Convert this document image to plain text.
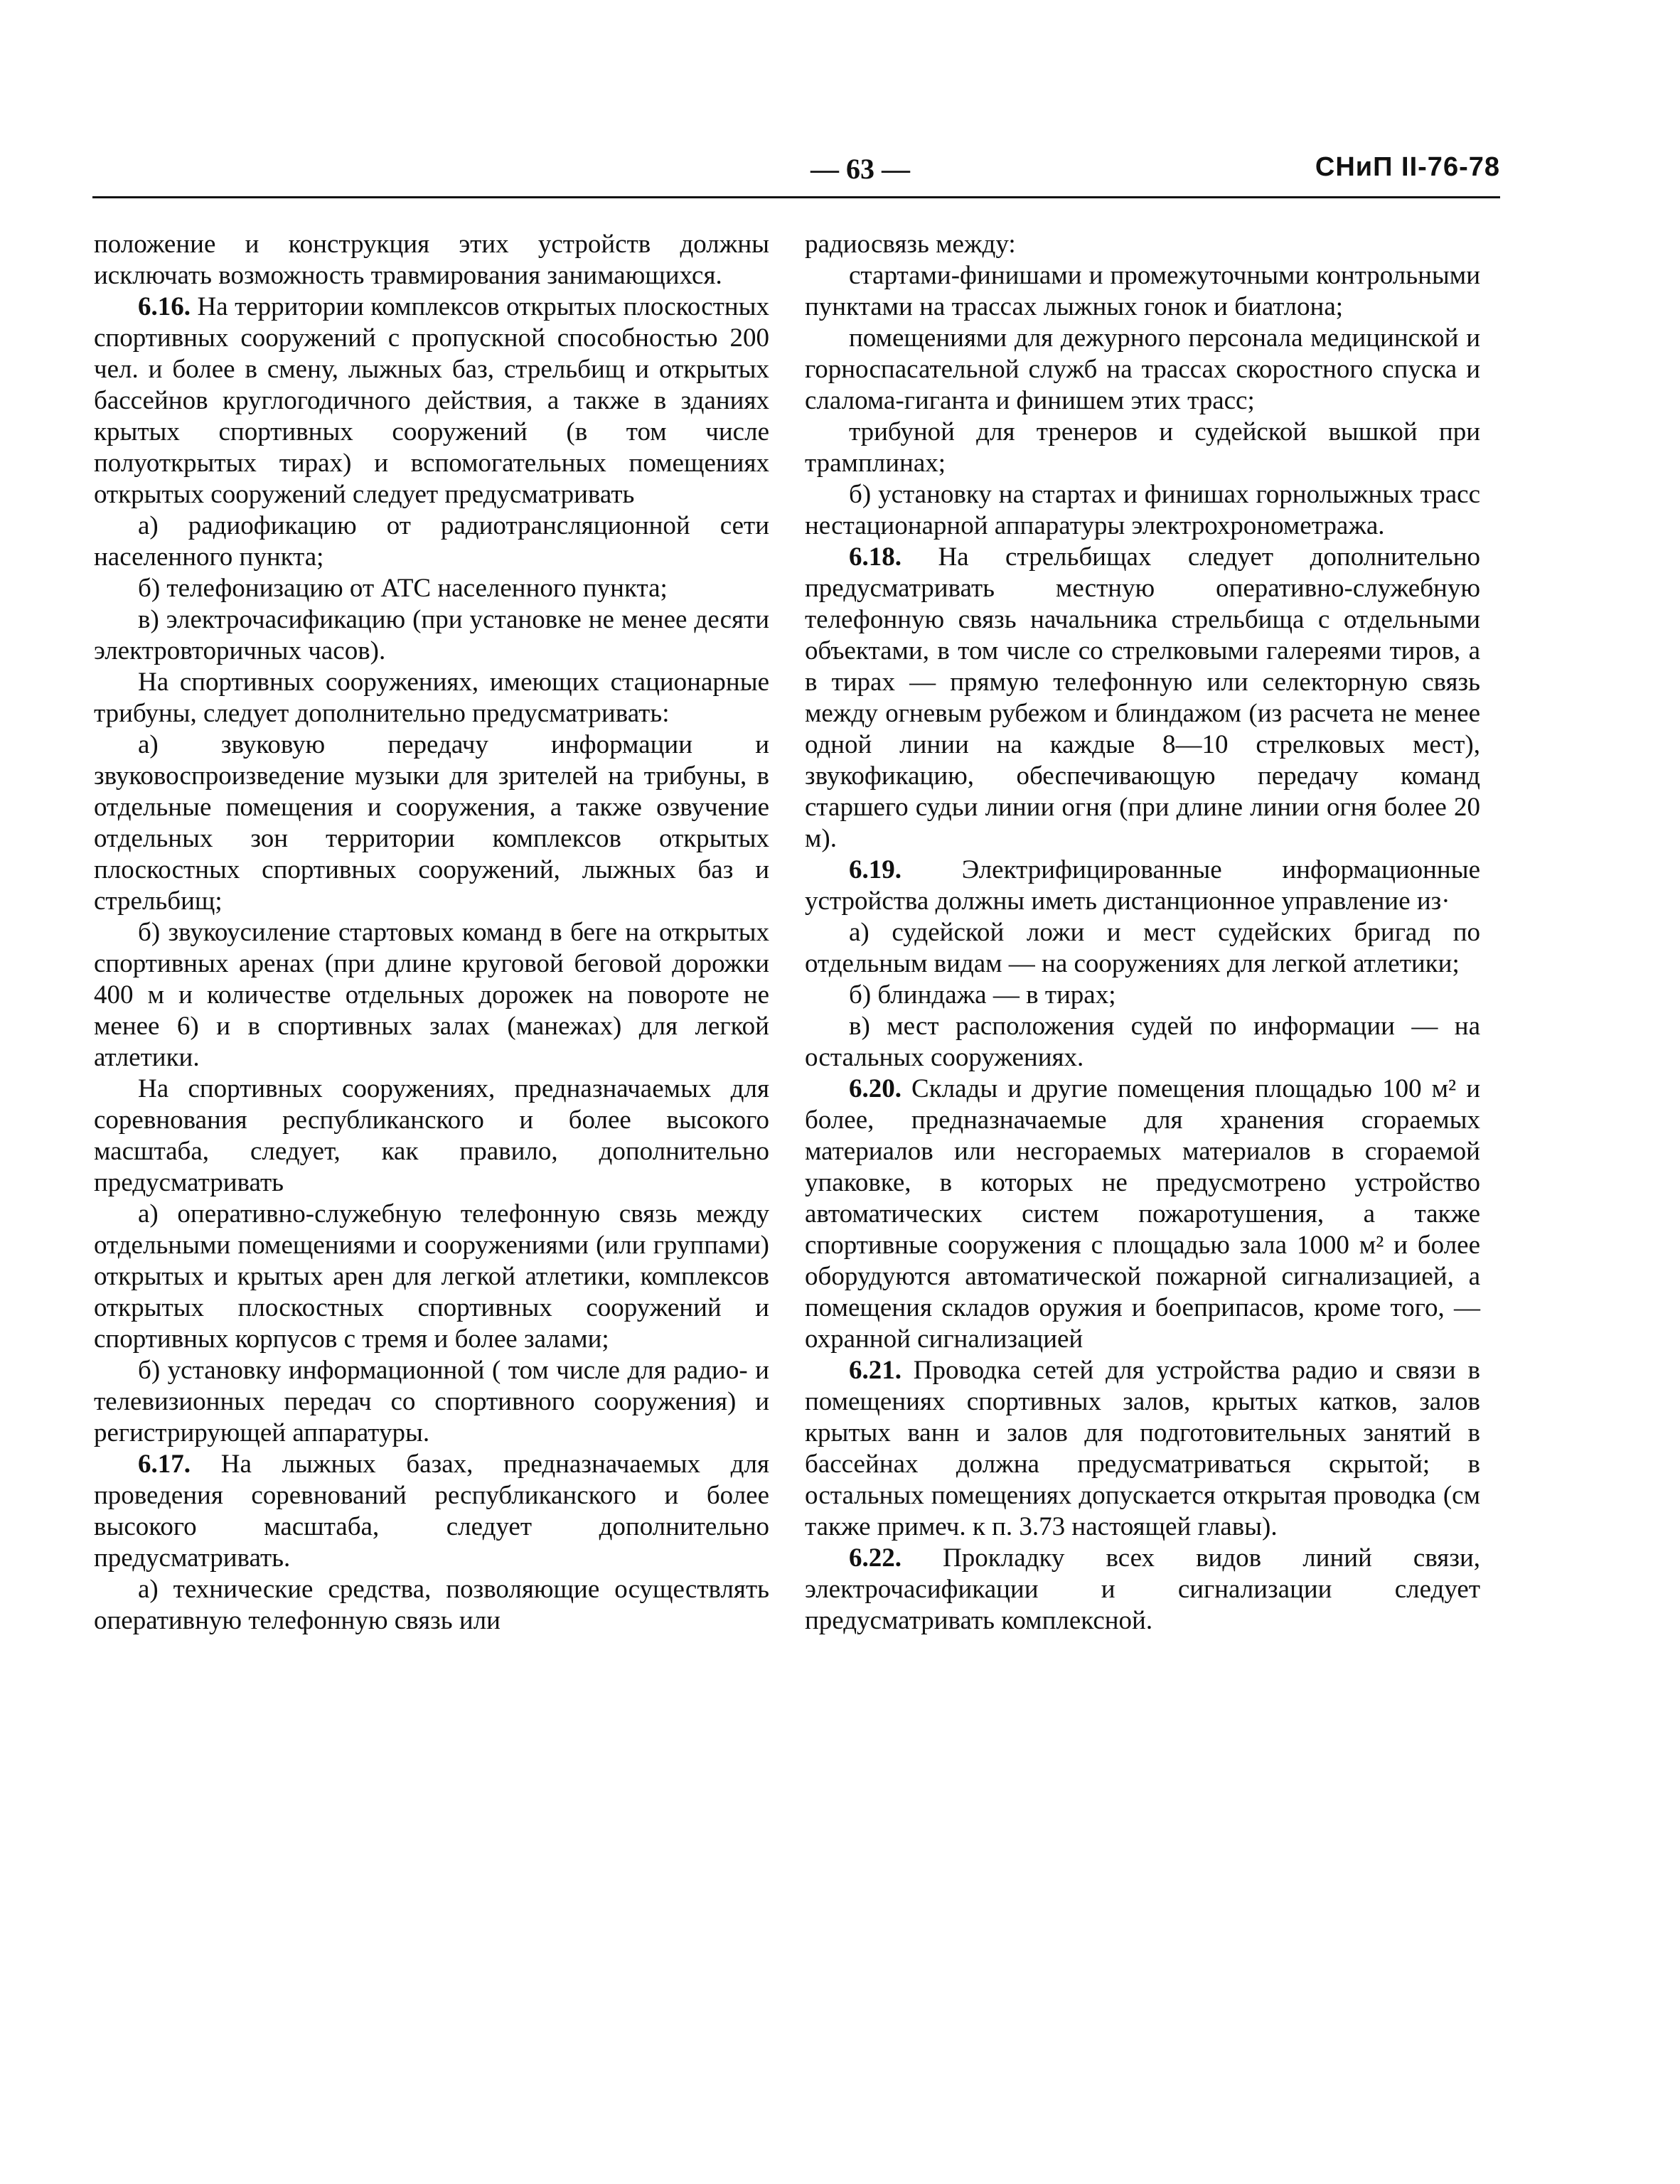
— 63 —	СНиП II-76-78

положение и конструкция этих устройств должны исключать возможность травмирования занимающихся.

6.16. На территории комплексов открытых плоскостных спортивных сооружений с пропускной способностью 200 чел. и более в смену, лыжных баз, стрельбищ и открытых бассейнов круглогодичного действия, а также в зданиях крытых спортивных сооружений (в том числе полуоткрытых тирах) и вспомогательных помещениях открытых сооружений следует предусматривать

а) радиофикацию от радиотрансляционной сети населенного пункта;

б) телефонизацию от АТС населенного пункта;

в) электрочасификацию (при установке не менее десяти электровторичных часов).

На спортивных сооружениях, имеющих стационарные трибуны, следует дополнительно предусматривать:

а) звуковую передачу информации и звуковоспроизведение музыки для зрителей на трибуны, в отдельные помещения и сооружения, а также озвучение отдельных зон территории комплексов открытых плоскостных спортивных сооружений, лыжных баз и стрельбищ;

б) звукоусиление стартовых команд в беге на открытых спортивных аренах (при длине круговой беговой дорожки 400 м и количестве отдельных дорожек на повороте не менее 6) и в спортивных залах (манежах) для легкой атлетики.

На спортивных сооружениях, предназначаемых для соревнования республиканского и более высокого масштаба, следует, как правило, дополнительно предусматривать

а) оперативно-служебную телефонную связь между отдельными помещениями и сооружениями (или группами) открытых и крытых арен для легкой атлетики, комплексов открытых плоскостных спортивных сооружений и спортивных корпусов с тремя и более залами;

б) установку информационной ( том числе для радио- и телевизионных передач со спортивного сооружения) и регистрирующей аппаратуры.

6.17. На лыжных базах, предназначаемых для проведения соревнований республиканского и более высокого масштаба, следует дополнительно предусматривать.

а) технические средства, позволяющие осуществлять оперативную телефонную связь или

радиосвязь между:

стартами-финишами и промежуточными контрольными пунктами на трассах лыжных гонок и биатлона;

помещениями для дежурного персонала медицинской и горноспасательной служб на трассах скоростного спуска и слалома-гиганта и финишем этих трасс;

трибуной для тренеров и судейской вышкой при трамплинах;

б) установку на стартах и финишах горнолыжных трасс нестационарной аппаратуры электрохронометража.

6.18. На стрельбищах следует дополнительно предусматривать местную оперативно-служебную телефонную связь начальника стрельбища с отдельными объектами, в том числе со стрелковыми галереями тиров, а в тирах — прямую телефонную или селекторную связь между огневым рубежом и блиндажом (из расчета не менее одной линии на каждые 8—10 стрелковых мест), звукофикацию, обеспечивающую передачу команд старшего судьи линии огня (при длине линии огня более 20 м).

6.19. Электрифицированные информационные устройства должны иметь дистанционное управление из·

а) судейской ложи и мест судейских бригад по отдельным видам — на сооружениях для легкой атлетики;

б) блиндажа — в тирах;

в) мест расположения судей по информации — на остальных сооружениях.

6.20. Склады и другие помещения площадью 100 м² и более, предназначаемые для хранения сгораемых материалов или несгораемых материалов в сгораемой упаковке, в которых не предусмотрено устройство автоматических систем пожаротушения, а также спортивные сооружения с площадью зала 1000 м² и более оборудуются автоматической пожарной сигнализацией, а помещения складов оружия и боеприпасов, кроме того, — охранной сигнализацией

6.21. Проводка сетей для устройства радио и связи в помещениях спортивных залов, крытых катков, залов крытых ванн и залов для подготовительных занятий в бассейнах должна предусматриваться скрытой; в остальных помещениях допускается открытая проводка (см также примеч. к п. 3.73 настоящей главы).

6.22. Прокладку всех видов линий связи, электрочасификации и сигнализации следует предусматривать комплексной.
